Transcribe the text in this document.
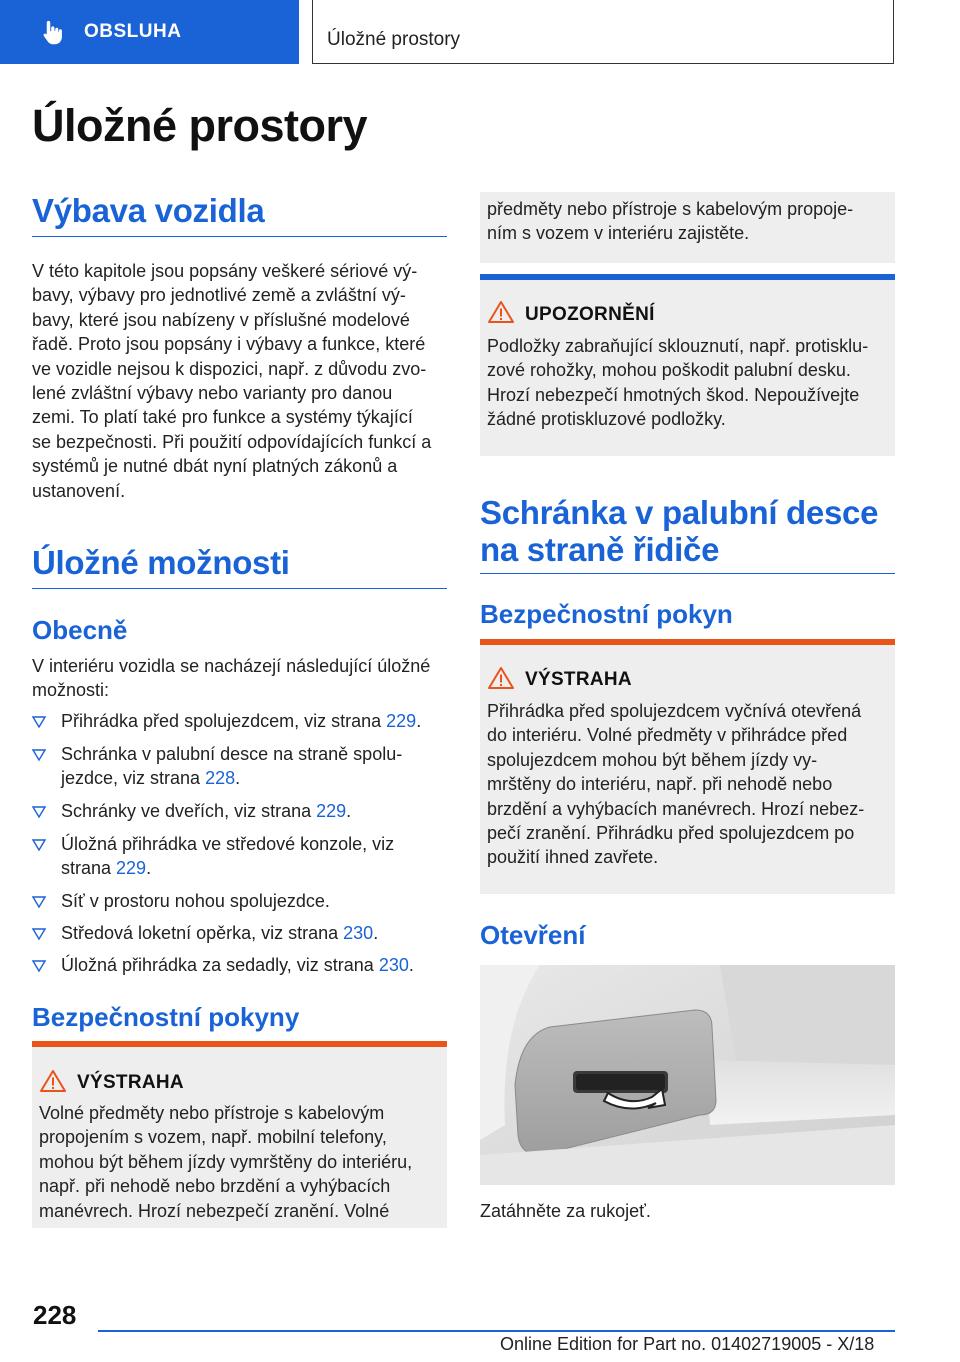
OBSLUHA	Úložné prostory
Úložné prostory
Výbava vozidla
V této kapitole jsou popsány veškeré sériové vý-
bavy, výbavy pro jednotlivé země a zvláštní vý-
bavy, které jsou nabízeny v příslušné modelové
řadě. Proto jsou popsány i výbavy a funkce, které
ve vozidle nejsou k dispozici, např. z důvodu zvo-
lené zvláštní výbavy nebo varianty pro danou
zemi. To platí také pro funkce a systémy týkající
se bezpečnosti. Při použití odpovídajících funkcí a
systémů je nutné dbát nyní platných zákonů a
ustanovení.
Úložné možnosti
Obecně
V interiéru vozidla se nacházejí následující úložné
možnosti:
Přihrádka před spolujezdcem, viz strana 229.
Schránka v palubní desce na straně spolu-
jezdce, viz strana 228.
Schránky ve dveřích, viz strana 229.
Úložná přihrádka ve středové konzole, viz
strana 229.
Síť v prostoru nohou spolujezdce.
Středová loketní opěrka, viz strana 230.
Úložná přihrádka za sedadly, viz strana 230.
Bezpečnostní pokyny
VÝSTRAHA
Volné předměty nebo přístroje s kabelovým
propojením s vozem, např. mobilní telefony,
mohou být během jízdy vymrštěny do interiéru,
např. při nehodě nebo brzdění a vyhýbacích
manévrech. Hrozí nebezpečí zranění. Volné
předměty nebo přístroje s kabelovým propoje-
ním s vozem v interiéru zajistěte.
UPOZORNĚNÍ
Podložky zabraňující sklouznutí, např. protisklu-
zové rohožky, mohou poškodit palubní desku.
Hrozí nebezpečí hmotných škod. Nepoužívejte
žádné protiskluzové podložky.
Schránka v palubní desce
na straně řidiče
Bezpečnostní pokyn
VÝSTRAHA
Přihrádka před spolujezdcem vyčnívá otevřená
do interiéru. Volné předměty v přihrádce před
spolujezdcem mohou být během jízdy vy-
mrštěny do interiéru, např. při nehodě nebo
brzdění a vyhýbacích manévrech. Hrozí nebez-
pečí zranění. Přihrádku před spolujezdcem po
použití ihned zavřete.
Otevření
Zatáhněte za rukojeť.
228
Online Edition for Part no. 01402719005 - X/18
